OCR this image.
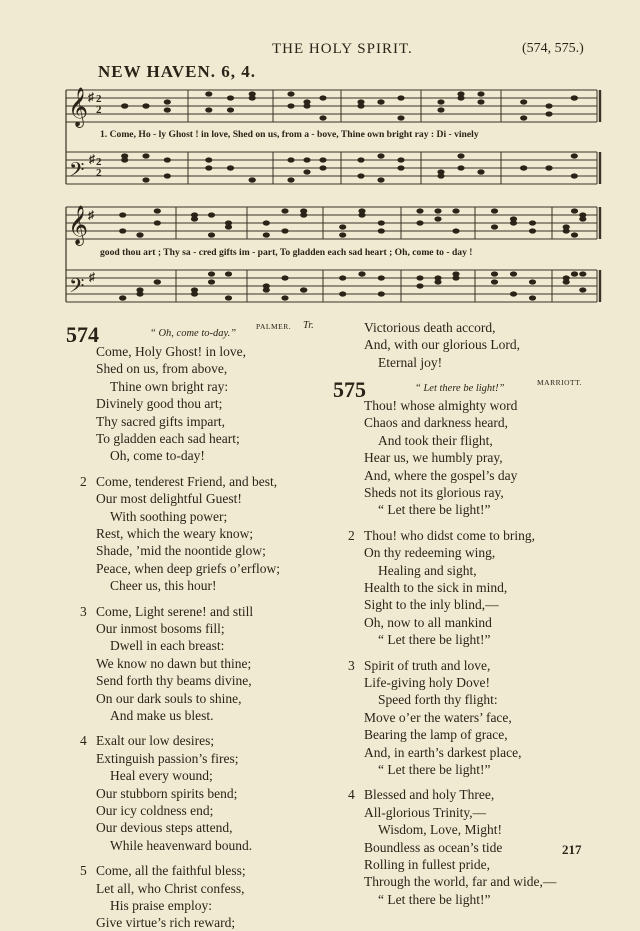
THE HOLY SPIRIT.	(574, 575.)
NEW HAVEN. 6, 4.
𝄞
𝄢
𝄞
𝄢
♯ 2
2
♯ 2
2
♯
♯
1. Come, Ho - ly Ghost ! in love, Shed on us, from a - bove, Thine own bright ray : Di - vinely
good thou art ; Thy sa - cred gifts im - part, To gladden each sad heart ; Oh, come to - day !
574	“ Oh, come to-day.”
PALMER. Tr.
Come, Holy Ghost! in love,
Shed on us, from above,
Thine own bright ray:
Divinely good thou art;
Thy sacred gifts impart,
To gladden each sad heart;
Oh, come to-day!
2 Come, tenderest Friend, and best,
Our most delightful Guest!
With soothing power;
Rest, which the weary know;
Shade, ’mid the noontide glow;
Peace, when deep griefs o’erflow;
Cheer us, this hour!
3 Come, Light serene! and still
Our inmost bosoms fill;
Dwell in each breast:
We know no dawn but thine;
Send forth thy beams divine,
On our dark souls to shine,
And make us blest.
4 Exalt our low desires;
Extinguish passion’s fires;
Heal every wound;
Our stubborn spirits bend;
Our icy coldness end;
Our devious steps attend,
While heavenward bound.
5 Come, all the faithful bless;
Let all, who Christ confess,
His praise employ:
Give virtue’s rich reward;
Victorious death accord,
And, with our glorious Lord,
Eternal joy!
575	“ Let there be light!”
MARRIOTT.
Thou! whose almighty word
Chaos and darkness heard,
And took their flight,
Hear us, we humbly pray,
And, where the gospel’s day
Sheds not its glorious ray,
“ Let there be light!”
2 Thou! who didst come to bring,
On thy redeeming wing,
Healing and sight,
Health to the sick in mind,
Sight to the inly blind,—
Oh, now to all mankind
“ Let there be light!”
3 Spirit of truth and love,
Life-giving holy Dove!
Speed forth thy flight:
Move o’er the waters’ face,
Bearing the lamp of grace,
And, in earth’s darkest place,
“ Let there be light!”
4 Blessed and holy Three,
All-glorious Trinity,—
Wisdom, Love, Might!
Boundless as ocean’s tide
Rolling in fullest pride,
Through the world, far and wide,—
“ Let there be light!”
217
